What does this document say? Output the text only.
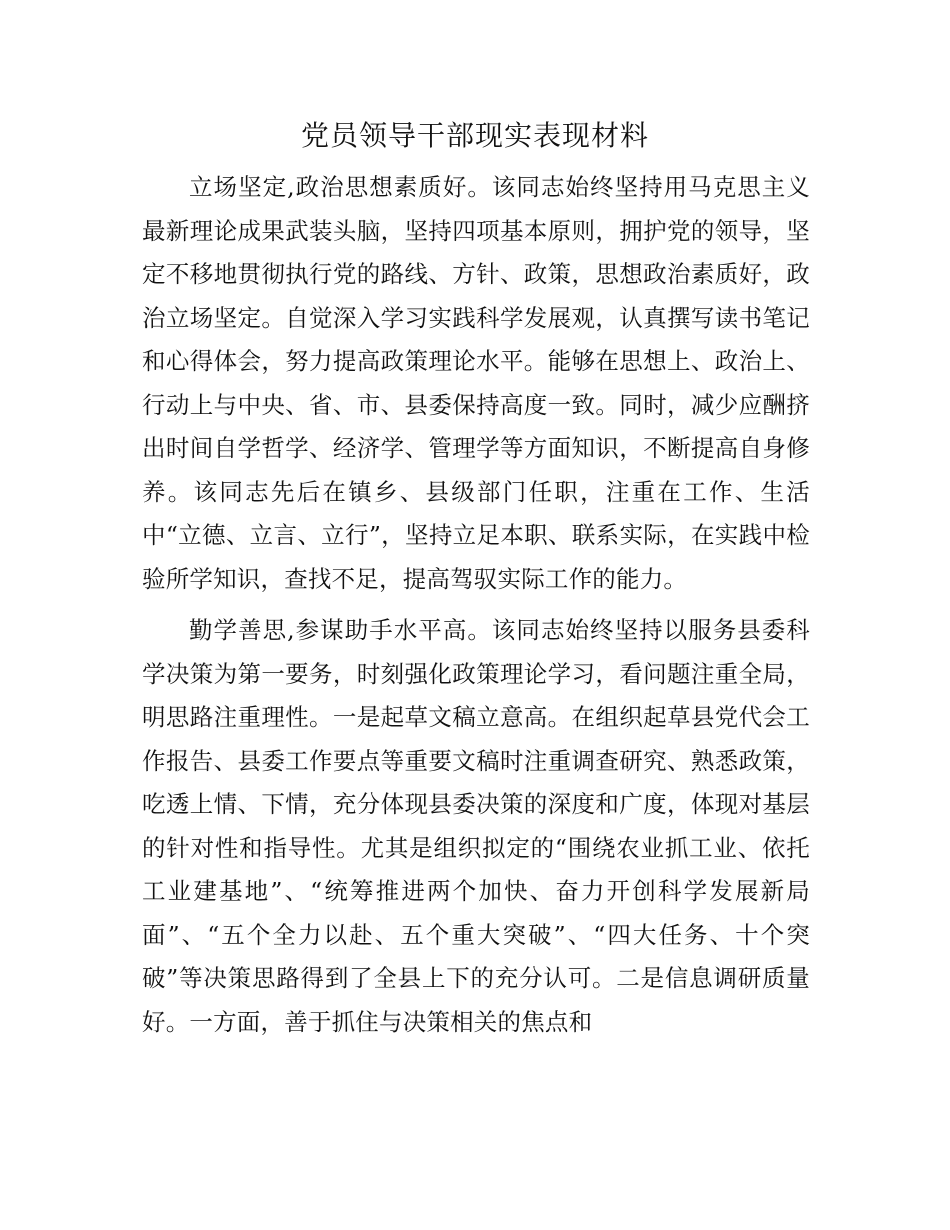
党员领导干部现实表现材料

立场坚定,政治思想素质好。该同志始终坚持用马克思主义最新理论成果武装头脑，坚持四项基本原则，拥护党的领导，坚定不移地贯彻执行党的路线、方针、政策，思想政治素质好，政治立场坚定。自觉深入学习实践科学发展观，认真撰写读书笔记和心得体会，努力提高政策理论水平。能够在思想上、政治上、行动上与中央、省、市、县委保持高度一致。同时，减少应酬挤出时间自学哲学、经济学、管理学等方面知识，不断提高自身修养。该同志先后在镇乡、县级部门任职，注重在工作、生活中“立德、立言、立行”，坚持立足本职、联系实际，在实践中检验所学知识，查找不足，提高驾驭实际工作的能力。

勤学善思,参谋助手水平高。该同志始终坚持以服务县委科学决策为第一要务，时刻强化政策理论学习，看问题注重全局，明思路注重理性。一是起草文稿立意高。在组织起草县党代会工作报告、县委工作要点等重要文稿时注重调查研究、熟悉政策，吃透上情、下情，充分体现县委决策的深度和广度，体现对基层的针对性和指导性。尤其是组织拟定的“围绕农业抓工业、依托工业建基地”、“统筹推进两个加快、奋力开创科学发展新局面”、“五个全力以赴、五个重大突破”、“四大任务、十个突破”等决策思路得到了全县上下的充分认可。二是信息调研质量好。一方面，善于抓住与决策相关的焦点和
